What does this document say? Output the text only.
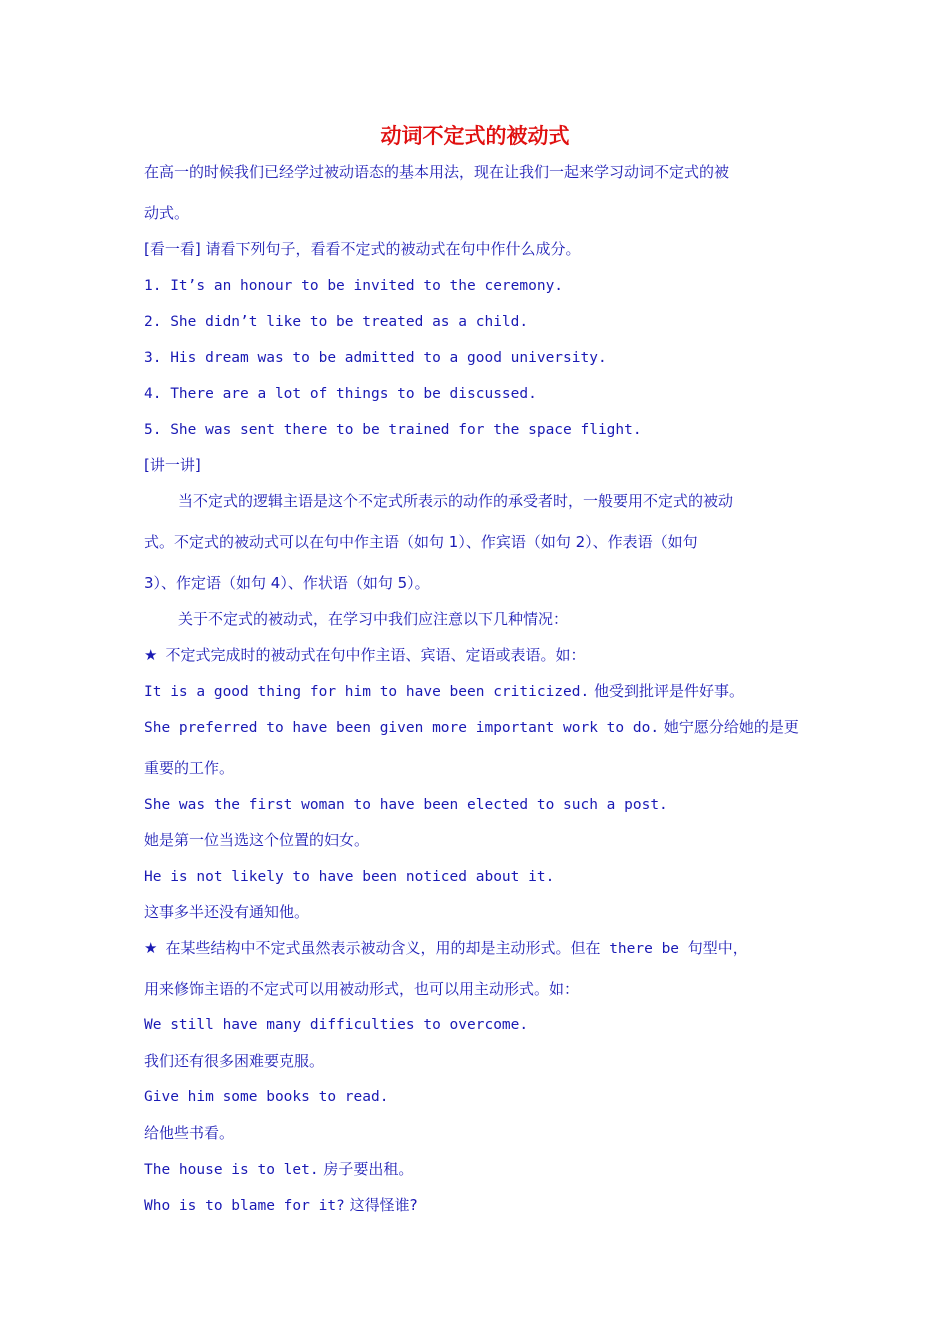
动词不定式的被动式
在高一的时候我们已经学过被动语态的基本用法，现在让我们一起来学习动词不定式的被
动式。
[看一看] 请看下列句子，看看不定式的被动式在句中作什么成分。
1. It’s an honour to be invited to the ceremony.
2. She didn’t like to be treated as a child.
3. His dream was to be admitted to a good university.
4. There are a lot of things to be discussed.
5. She was sent there to be trained for the space flight.
[讲一讲]
当不定式的逻辑主语是这个不定式所表示的动作的承受者时，一般要用不定式的被动
式。不定式的被动式可以在句中作主语（如句 1）、作宾语（如句 2）、作表语（如句
3）、作定语（如句 4）、作状语（如句 5）。
关于不定式的被动式，在学习中我们应注意以下几种情况：
★ 不定式完成时的被动式在句中作主语、宾语、定语或表语。如：
It is a good thing for him to have been criticized. 他受到批评是件好事。
She preferred to have been given more important work to do. 她宁愿分给她的是更
重要的工作。
She was the first woman to have been elected to such a post.
她是第一位当选这个位置的妇女。
He is not likely to have been noticed about it.
这事多半还没有通知他。
★ 在某些结构中不定式虽然表示被动含义，用的却是主动形式。但在 there be 句型中，
用来修饰主语的不定式可以用被动形式，也可以用主动形式。如：
We still have many difficulties to overcome.
我们还有很多困难要克服。
Give him some books to read.
给他些书看。
The house is to let. 房子要出租。
Who is to blame for it? 这得怪谁?
